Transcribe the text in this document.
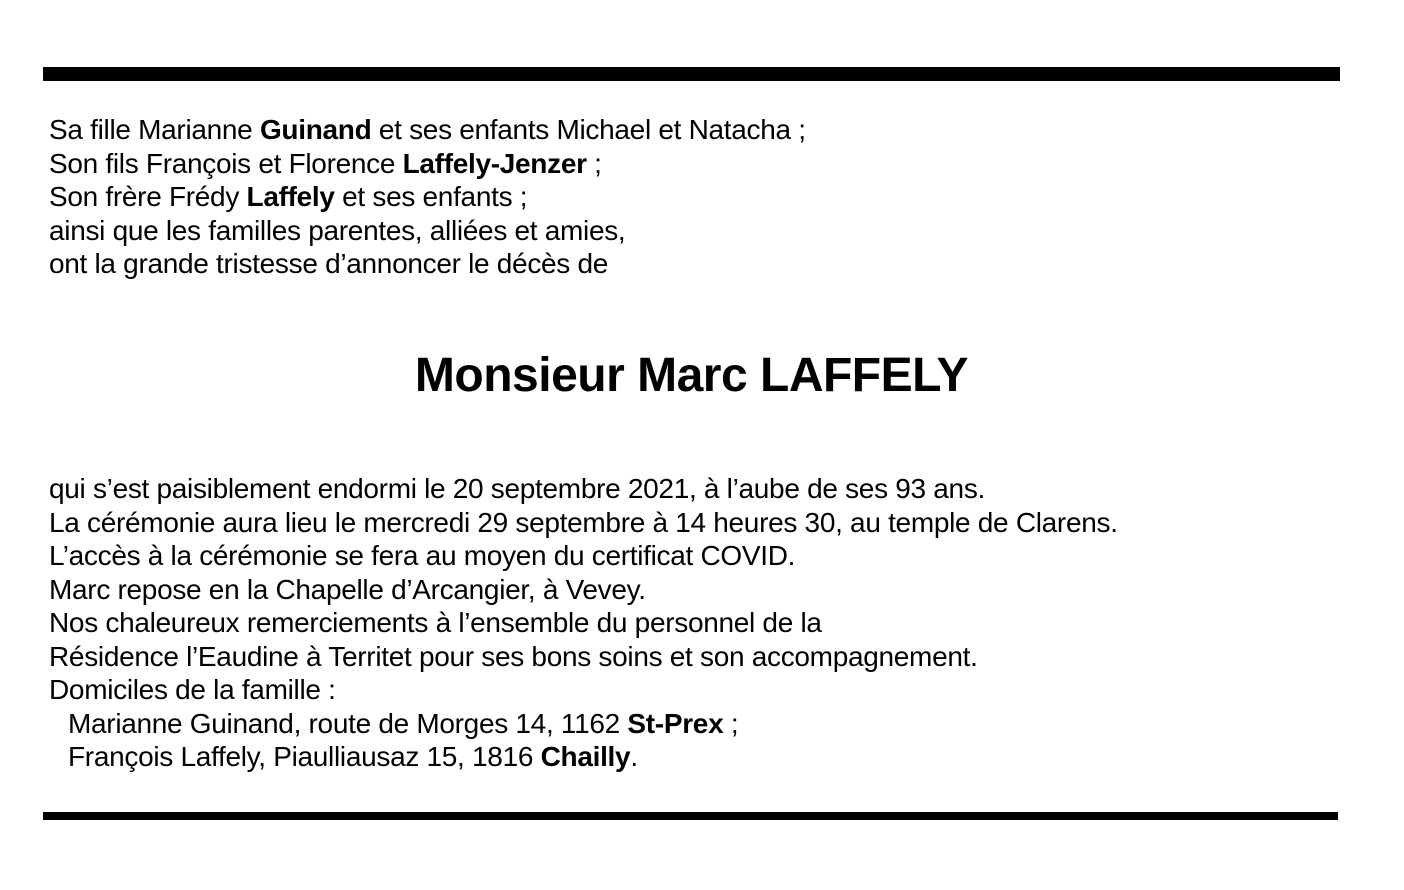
Sa fille Marianne Guinand et ses enfants Michael et Natacha ;

Son fils François et Florence Laffely-Jenzer ;

Son frère Frédy Laffely et ses enfants ;

ainsi que les familles parentes, alliées et amies,

ont la grande tristesse d’annoncer le décès de

Monsieur Marc LAFFELY

qui s’est paisiblement endormi le 20 septembre 2021, à l’aube de ses 93 ans.

La cérémonie aura lieu le mercredi 29 septembre à 14 heures 30, au temple de Clarens.

L’accès à la cérémonie se fera au moyen du certificat COVID.

Marc repose en la Chapelle d’Arcangier, à Vevey.

Nos chaleureux remerciements à l’ensemble du personnel de la

Résidence l’Eaudine à Territet pour ses bons soins et son accompagnement.

Domiciles de la famille :

Marianne Guinand, route de Morges 14, 1162 St-Prex ;

François Laffely, Piaulliausaz 15, 1816 Chailly.
